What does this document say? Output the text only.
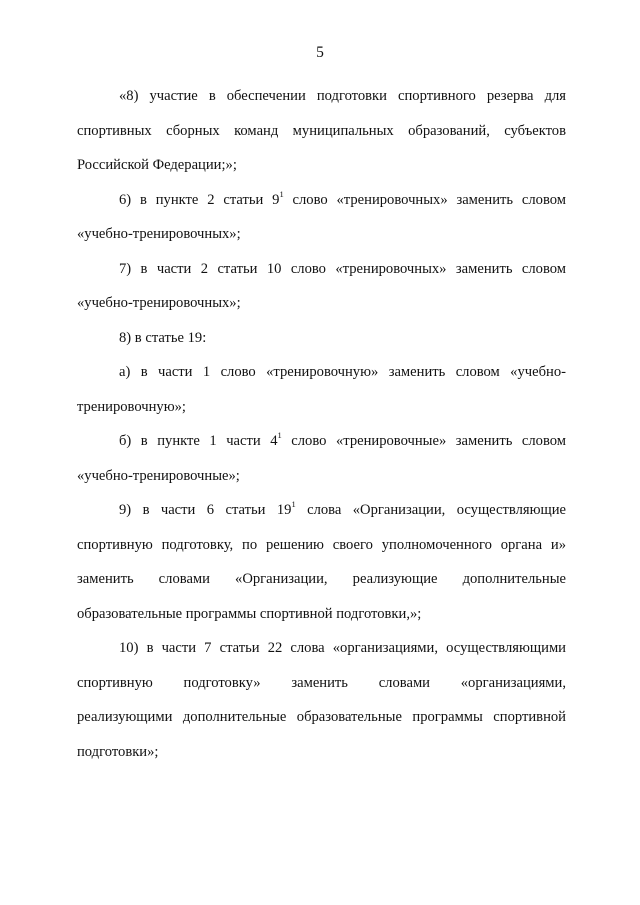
5

«8) участие в обеспечении подготовки спортивного резерва для
спортивных сборных команд муниципальных образований, субъектов
Российской Федерации;»;

6) в пункте 2 статьи $9^1$ слово «тренировочных» заменить словом
«учебно-тренировочных»;

7) в части 2 статьи 10 слово «тренировочных» заменить словом
«учебно-тренировочных»;

8) в статье 19:

а) в части 1 слово «тренировочную» заменить словом «учебно-
тренировочную»;

б) в пункте 1 части $4^1$ слово «тренировочные» заменить словом
«учебно-тренировочные»;

9) в части 6 статьи $19^1$ слова «Организации, осуществляющие
спортивную подготовку, по решению своего уполномоченного органа и»
заменить словами «Организации, реализующие дополнительные
образовательные программы спортивной подготовки,»;

10) в части 7 статьи 22 слова «организациями, осуществляющими
спортивную подготовку» заменить словами «организациями,
реализующими дополнительные образовательные программы спортивной
подготовки»;
